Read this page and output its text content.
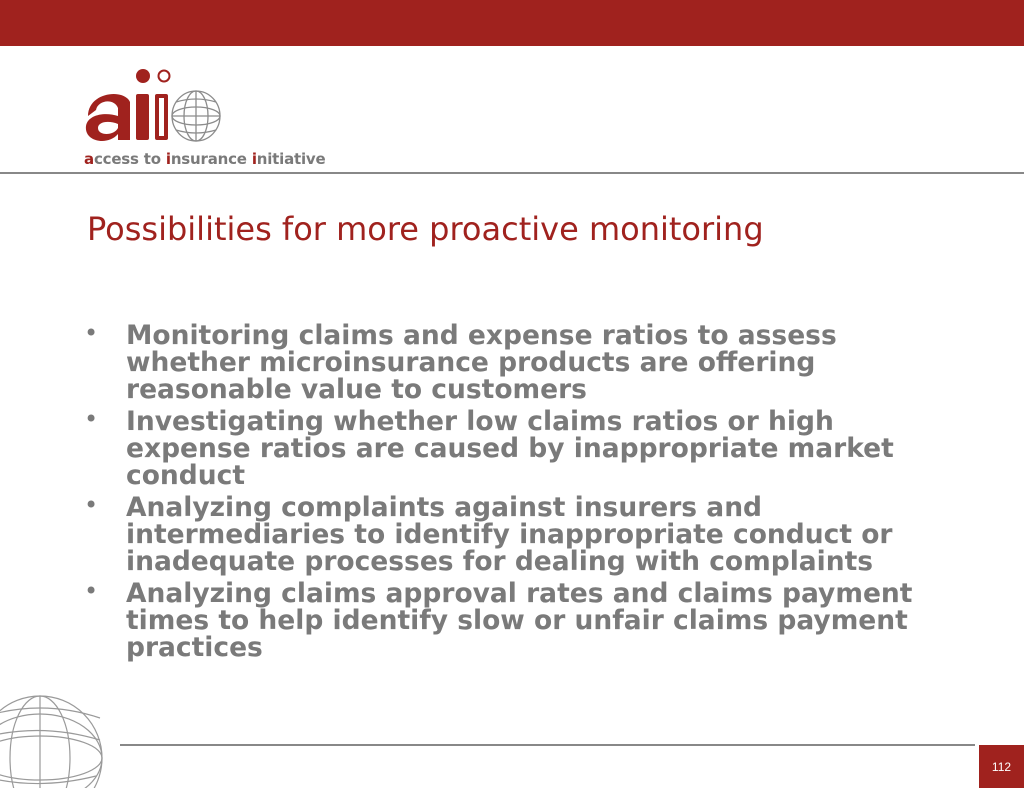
access to insurance initiative
Possibilities for more proactive monitoring
• Monitoring claims and expense ratios to assess whether microinsurance products are offering reasonable value to customers
• Investigating whether low claims ratios or high expense ratios are caused by inappropriate market conduct
• Analyzing complaints against insurers and intermediaries to identify inappropriate conduct or inadequate processes for dealing with complaints
• Analyzing claims approval rates and claims payment times to help identify slow or unfair claims payment practices
112
